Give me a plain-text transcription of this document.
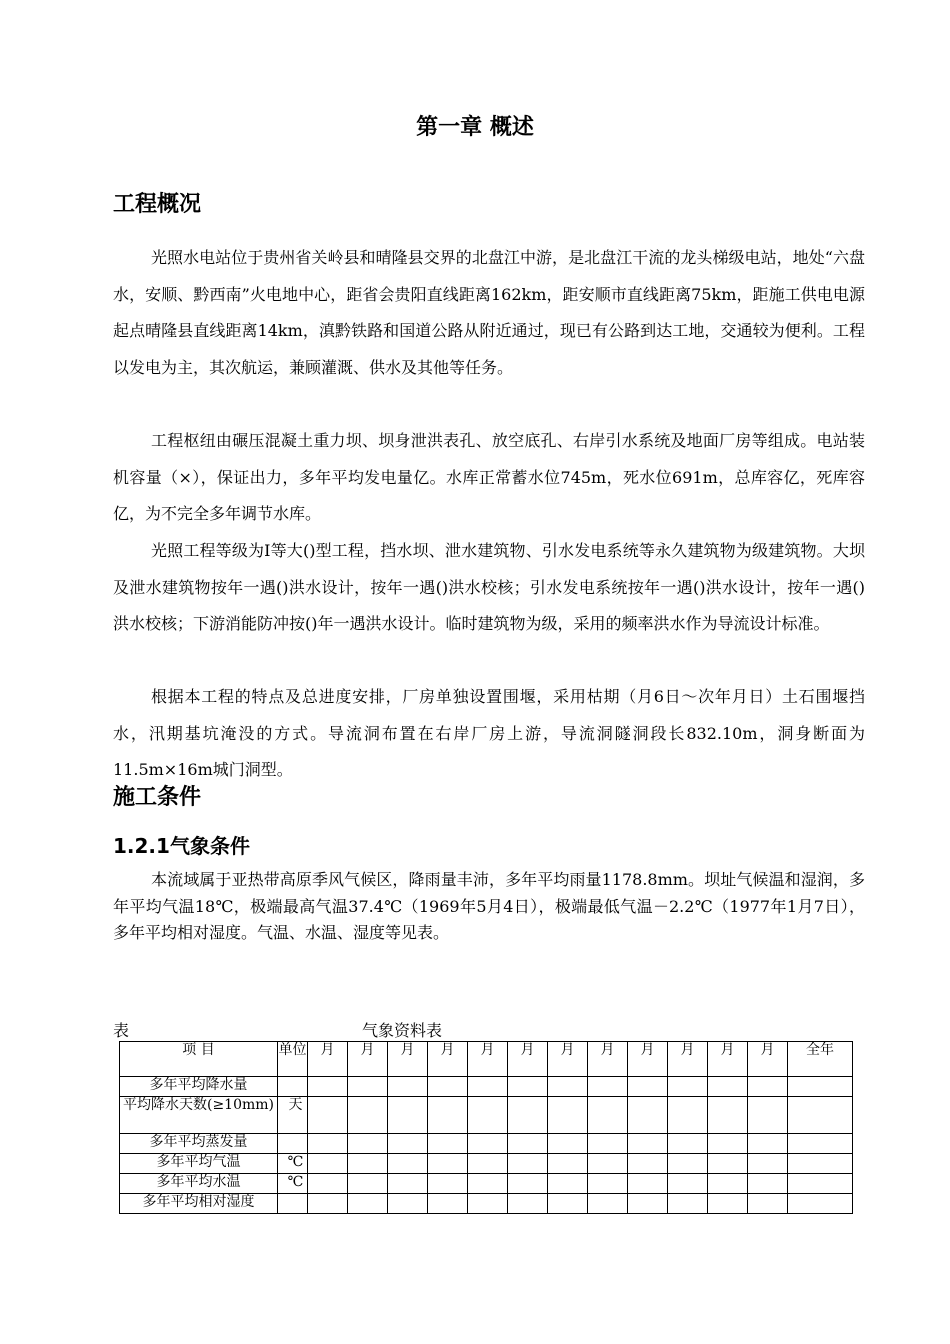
第一章 概述
工程概况

光照水电站位于贵州省关岭县和晴隆县交界的北盘江中游，是北盘江干流的龙头梯级电站，地处“六盘水，安顺、黔西南”火电地中心，距省会贵阳直线距离162km，距安顺市直线距离75km，距施工供电电源起点晴隆县直线距离14km，滇黔铁路和国道公路从附近通过，现已有公路到达工地，交通较为便利。工程以发电为主，其次航运，兼顾灌溉、供水及其他等任务。

工程枢纽由碾压混凝土重力坝、坝身泄洪表孔、放空底孔、右岸引水系统及地面厂房等组成。电站装机容量（×），保证出力，多年平均发电量亿。水库正常蓄水位745m，死水位691m，总库容亿，死库容亿，为不完全多年调节水库。

光照工程等级为Ⅰ等大()型工程，挡水坝、泄水建筑物、引水发电系统等永久建筑物为级建筑物。大坝及泄水建筑物按年一遇()洪水设计，按年一遇()洪水校核；引水发电系统按年一遇()洪水设计，按年一遇()洪水校核；下游消能防冲按()年一遇洪水设计。临时建筑物为级，采用的频率洪水作为导流设计标准。

根据本工程的特点及总进度安排，厂房单独设置围堰，采用枯期（月6日～次年月日）土石围堰挡水，汛期基坑淹没的方式。导流洞布置在右岸厂房上游，导流洞隧洞段长832.10m，洞身断面为11.5m×16m城门洞型。

施工条件
1.2.1气象条件

本流域属于亚热带高原季风气候区，降雨量丰沛，多年平均雨量1178.8mm。坝址气候温和湿润，多年平均气温18℃，极端最高气温37.4℃（1969年5月4日），极端最低气温－2.2℃（1977年1月7日），多年平均相对湿度。气温、水温、湿度等见表。

表	气象资料表
项 目	单位	月	月	月	月	月	月	月	月	月	月	月	月	全年
多年平均降水量														
平均降水天数(≥10mm)	天													
多年平均蒸发量														
多年平均气温	℃													
多年平均水温	℃													
多年平均相对湿度														
